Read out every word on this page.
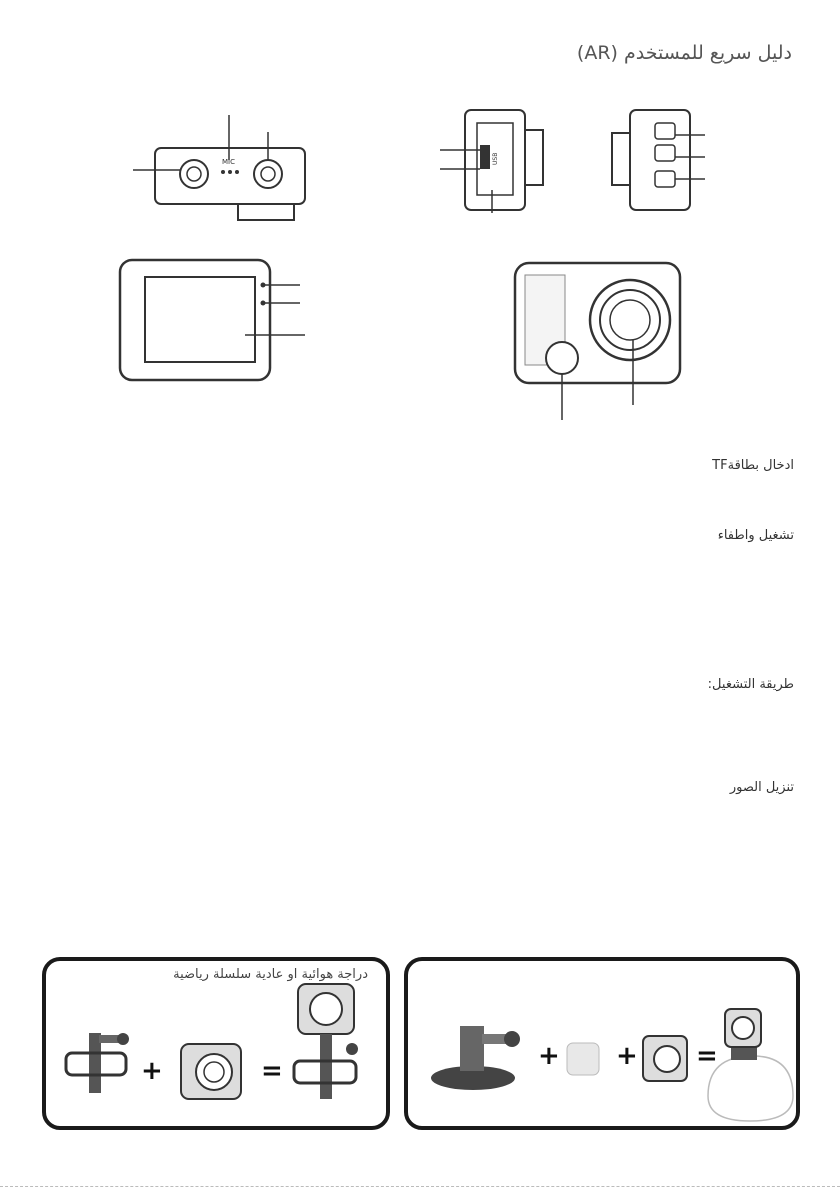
دليل سريع للمستخدم (AR)
MIC	USB
ادخال بطاقةTF
تشغيل واطفاء
طريقة التشغيل:
تنزيل الصور
دراجة هوائية او عادية سلسلة رياضية
+	=	+ + =
